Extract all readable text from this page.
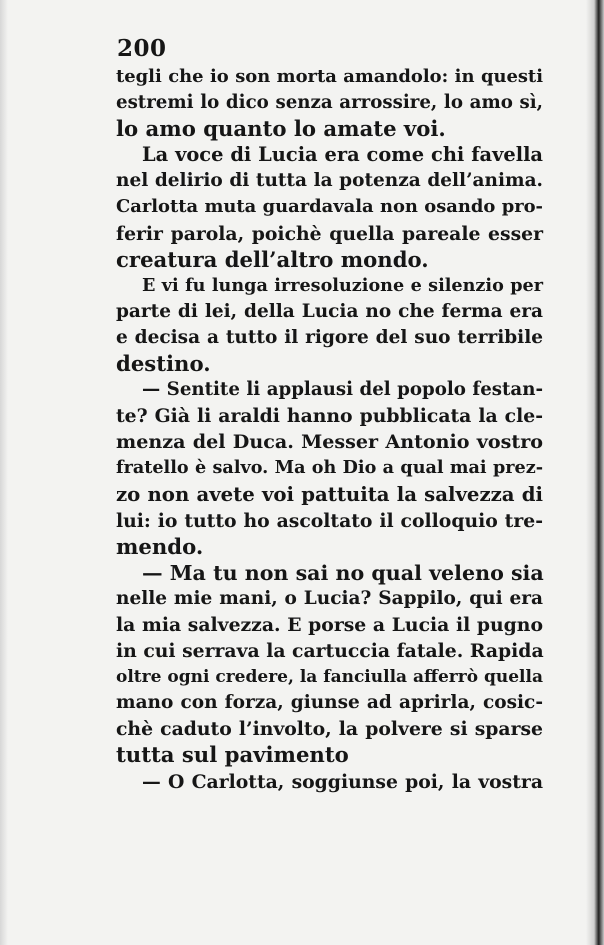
200
tegli che io son morta amandolo: in questi
estremi lo dico senza arrossire, lo amo sì,
lo amo quanto lo amate voi.
La voce di Lucia era come chi favella
nel delirio di tutta la potenza dell’anima.
Carlotta muta guardavala non osando pro-
ferir parola, poichè quella pareale esser
creatura dell’altro mondo.
E vi fu lunga irresoluzione e silenzio per
parte di lei, della Lucia no che ferma era
e decisa a tutto il rigore del suo terribile
destino.
— Sentite li applausi del popolo festan-
te? Già li araldi hanno pubblicata la cle-
menza del Duca. Messer Antonio vostro
fratello è salvo. Ma oh Dio a qual mai prez-
zo non avete voi pattuita la salvezza di
lui: io tutto ho ascoltato il colloquio tre-
mendo.
— Ma tu non sai no qual veleno sia
nelle mie mani, o Lucia? Sappilo, qui era
la mia salvezza. E porse a Lucia il pugno
in cui serrava la cartuccia fatale. Rapida
oltre ogni credere, la fanciulla afferrò quella
mano con forza, giunse ad aprirla, cosic-
chè caduto l’involto, la polvere si sparse
tutta sul pavimento
— O Carlotta, soggiunse poi, la vostra
